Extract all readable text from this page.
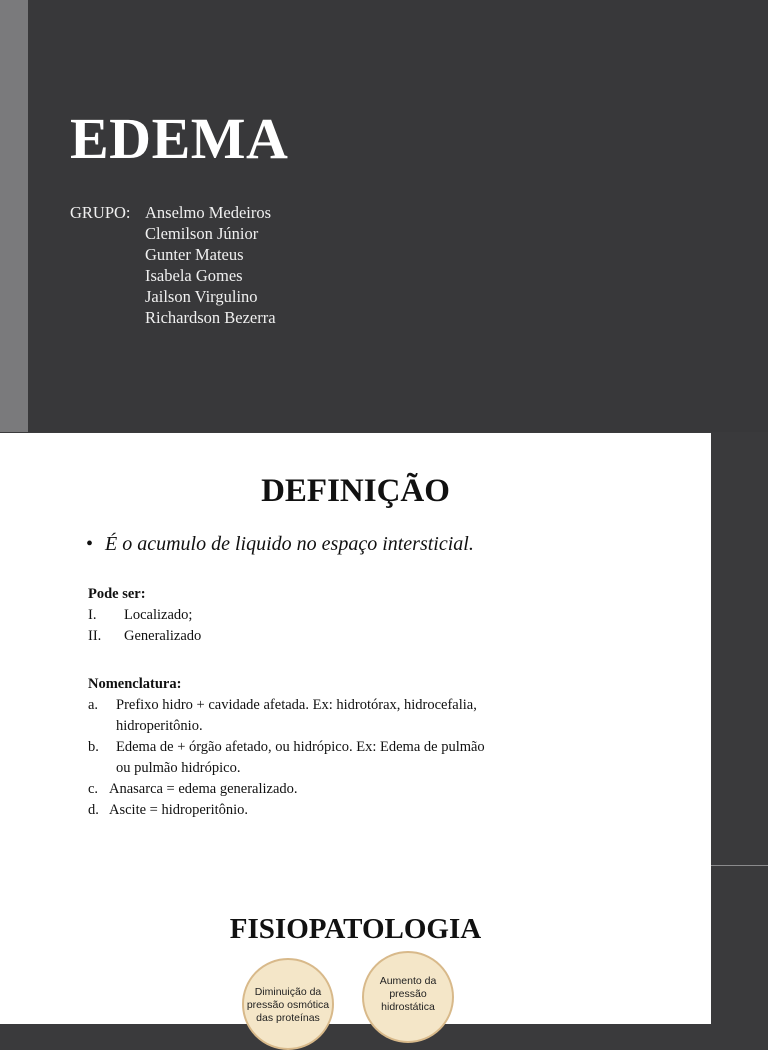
EDEMA
GRUPO: Anselmo Medeiros
Clemilson Júnior
Gunter Mateus
Isabela Gomes
Jailson Virgulino
Richardson Bezerra
DEFINIÇÃO
• É o acumulo de liquido no espaço intersticial.
Pode ser:
I.	Localizado;
II.	Generalizado
Nomenclatura:
a.	Prefixo hidro + cavidade afetada. Ex: hidrotórax, hidrocefalia,
hidroperitônio.
b.	Edema de + órgão afetado, ou hidrópico. Ex: Edema de pulmão
ou pulmão hidrópico.
c. Anasarca = edema generalizado.
d. Ascite = hidroperitônio.
FISIOPATOLOGIA
Diminuição da
pressão osmótica
das proteínas
Aumento da
pressão
hidrostática
